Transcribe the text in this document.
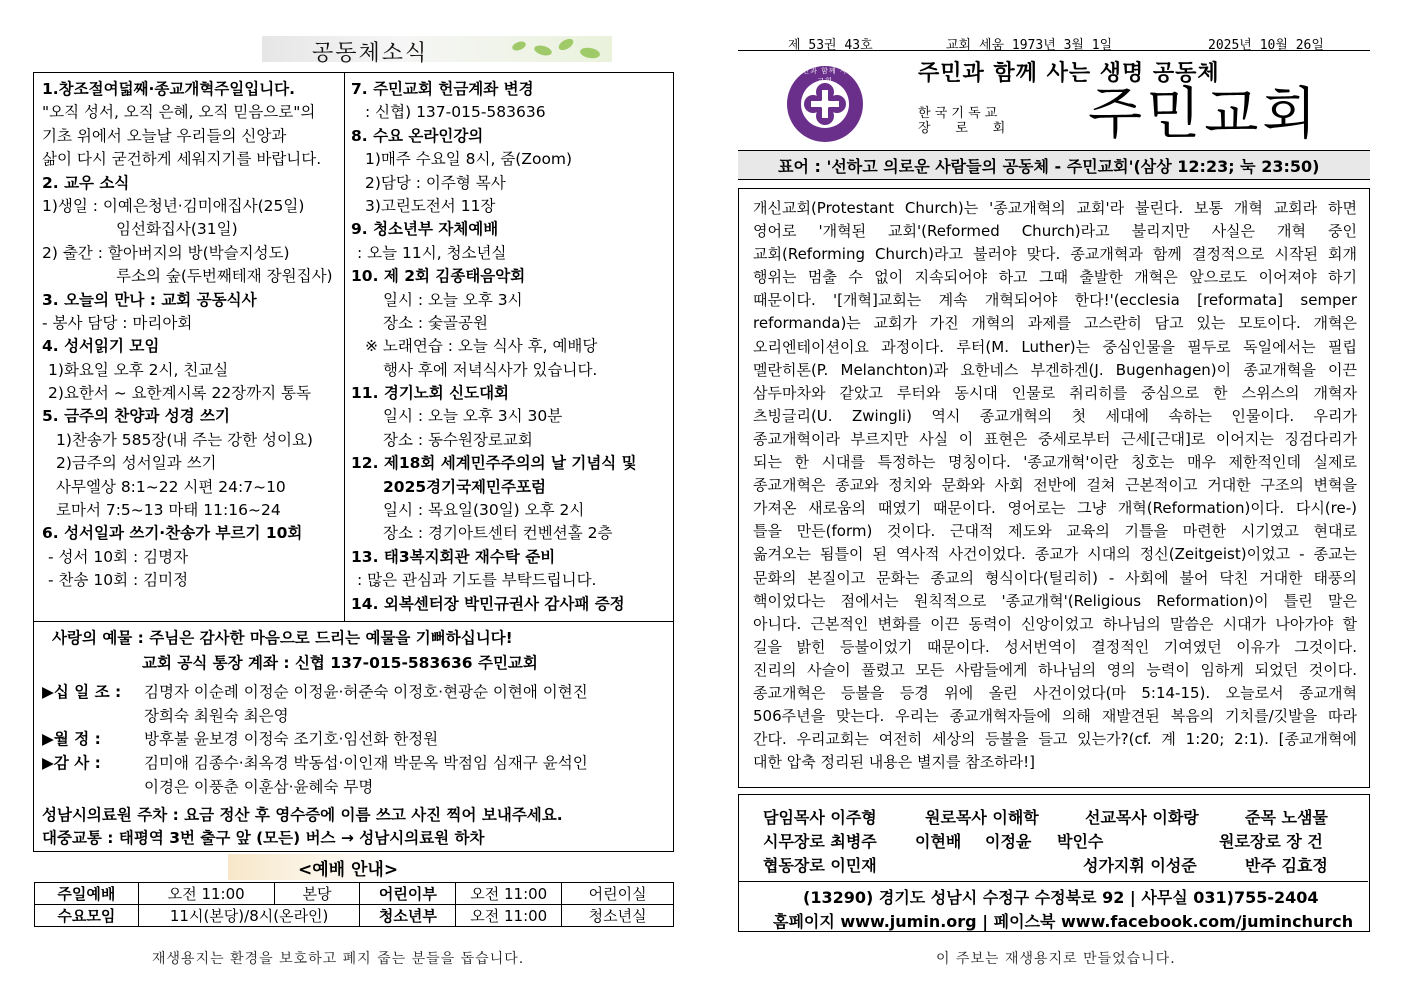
공동체소식
1.창조절여덟째·종교개혁주일입니다.
"오직 성서, 오직 은혜, 오직 믿음으로"의
기초 위에서 오늘날 우리들의 신앙과
삶이 다시 굳건하게 세워지기를 바랍니다.
2. 교우 소식
1)생일 : 이예은청년·김미애집사(25일)
임선화집사(31일)
2) 출간 : 할아버지의 방(박슬지성도)
루소의 숲(두번째테재 장원집사)
3. 오늘의 만나 : 교회 공동식사
- 봉사 담당 : 마리아회
4. 성서읽기 모임
1)화요일 오후 2시, 친교실
2)요한서 ~ 요한계시록 22장까지 통독
5. 금주의 찬양과 성경 쓰기
1)찬송가 585장(내 주는 강한 성이요)
2)금주의 성서일과 쓰기
사무엘상 8:1~22 시편 24:7~10
로마서 7:5~13 마태 11:16~24
6. 성서일과 쓰기·찬송가 부르기 10회
- 성서 10회 : 김명자
- 찬송 10회 : 김미정
7. 주민교회 헌금계좌 변경
: 신협) 137-015-583636
8. 수요 온라인강의
1)매주 수요일 8시, 줌(Zoom)
2)담당 : 이주형 목사
3)고린도전서 11장
9. 청소년부 자체예배
: 오늘 11시, 청소년실
10. 제 2회 김종태음악회
일시 : 오늘 오후 3시
장소 : 숯골공원
※ 노래연습 : 오늘 식사 후, 예배당
행사 후에 저녁식사가 있습니다.
11. 경기노회 신도대회
일시 : 오늘 오후 3시 30분
장소 : 동수원장로교회
12. 제18회 세계민주주의의 날 기념식 및
2025경기국제민주포럼
일시 : 목요일(30일) 오후 2시
장소 : 경기아트센터 컨벤션홀 2층
13. 태3복지회관 재수탁 준비
: 많은 관심과 기도를 부탁드립니다.
14. 외복센터장 박민규권사 감사패 증정
사랑의 예물 : 주님은 감사한 마음으로 드리는 예물을 기뻐하십니다!
교회 공식 통장 계좌 : 신협 137-015-583636 주민교회
▶십 일 조 : 김명자 이순례 이정순 이정윤·허준숙 이정호·현광순 이현애 이현진
장희숙 최원숙 최은영
▶월 정 :	방후불 윤보경 이정숙 조기호·임선화 한정원
▶감 사 :	김미애 김종수·최옥경 박동섭·이인재 박문옥 박점임 심재구 윤석인
이경은 이풍춘 이훈삼·윤혜숙 무명
성남시의료원 주차 : 요금 정산 후 영수증에 이름 쓰고 사진 찍어 보내주세요.
대중교통 : 태평역 3번 출구 앞 (모든) 버스 → 성남시의료원 하차
<예배 안내>
주일예배	오전 11:00	본당	어린이부	오전 11:00	어린이실
수요모임	11시(본당)/8시(온라인)		청소년부	오전 11:00	청소년실
재생용지는 환경을 보호하고 폐지 줍는 분들을 돕습니다.
제 53권 43호	교회 세움 1973년 3월 1일	2025년 10월 26일
주민과 함께 사는 교회	주민과 함께 사는 생명 공동체
한 국 기 독 교
장      로      회 주민교회
표어 : '선하고 의로운 사람들의 공동체 - 주민교회'(삼상 12:23; 눅 23:50)

개신교회(Protestant Church)는 '종교개혁의 교회'라 불린다. 보통 개혁 교회라 하면

영어로 '개혁된 교회'(Reformed Church)라고 불리지만 사실은 개혁 중인

교회(Reforming Church)라고 불러야 맞다. 종교개혁과 함께 결정적으로 시작된 회개

행위는 멈출 수 없이 지속되어야 하고 그때 출발한 개혁은 앞으로도 이어져야 하기

때문이다. '[개혁]교회는 계속 개혁되어야 한다!'(ecclesia [reformata] semper

reformanda)는 교회가 가진 개혁의 과제를 고스란히 담고 있는 모토이다. 개혁은

오리엔테이션이요 과정이다. 루터(M. Luther)는 중심인물을 필두로 독일에서는 필립

멜란히톤(P. Melanchton)과 요한네스 부겐하겐(J. Bugenhagen)이 종교개혁을 이끈

삼두마차와 같았고 루터와 동시대 인물로 취리히를 중심으로 한 스위스의 개혁자

츠빙글리(U. Zwingli) 역시 종교개혁의 첫 세대에 속하는 인물이다. 우리가

종교개혁이라 부르지만 사실 이 표현은 중세로부터 근세[근대]로 이어지는 징검다리가

되는 한 시대를 특정하는 명칭이다. '종교개혁'이란 칭호는 매우 제한적인데 실제로

종교개혁은 종교와 정치와 문화와 사회 전반에 걸쳐 근본적이고 거대한 구조의 변혁을

가져온 새로움의 때였기 때문이다. 영어로는 그냥 개혁(Reformation)이다. 다시(re-)

틀을 만든(form) 것이다. 근대적 제도와 교육의 기틀을 마련한 시기였고 현대로

옮겨오는 됨틀이 된 역사적 사건이었다. 종교가 시대의 정신(Zeitgeist)이었고 - 종교는

문화의 본질이고 문화는 종교의 형식이다(틸리히) - 사회에 불어 닥친 거대한 태풍의

핵이었다는 점에서는 원칙적으로 '종교개혁'(Religious Reformation)이 틀린 말은

아니다. 근본적인 변화를 이끈 동력이 신앙이었고 하나님의 말씀은 시대가 나아가야 할

길을 밝힌 등불이었기 때문이다. 성서번역이 결정적인 기여였던 이유가 그것이다.

진리의 사슬이 풀렸고 모든 사람들에게 하나님의 영의 능력이 임하게 되었던 것이다.

종교개혁은 등불을 등경 위에 올린 사건이었다(마 5:14-15). 오늘로서 종교개혁

506주년을 맞는다. 우리는 종교개혁자들에 의해 재발견된 복음의 기치를/깃발을 따라

간다. 우리교회는 여전히 세상의 등불을 들고 있는가?(cf. 계 1:20; 2:1). [종교개혁에

대한 압축 정리된 내용은 별지를 참조하라!]

담임목사 이주형	원로목사 이해학	선교목사 이화랑	준목 노샘물
시무장로 최병주 이현배 이정윤 박인수	원로장로 장 건
협동장로 이민재	성가지휘 이성준	반주 김효정
(13290) 경기도 성남시 수정구 수정북로 92 | 사무실 031)755-2404
홈페이지 www.jumin.org | 페이스북 www.facebook.com/juminchurch
이 주보는 재생용지로 만들었습니다.
